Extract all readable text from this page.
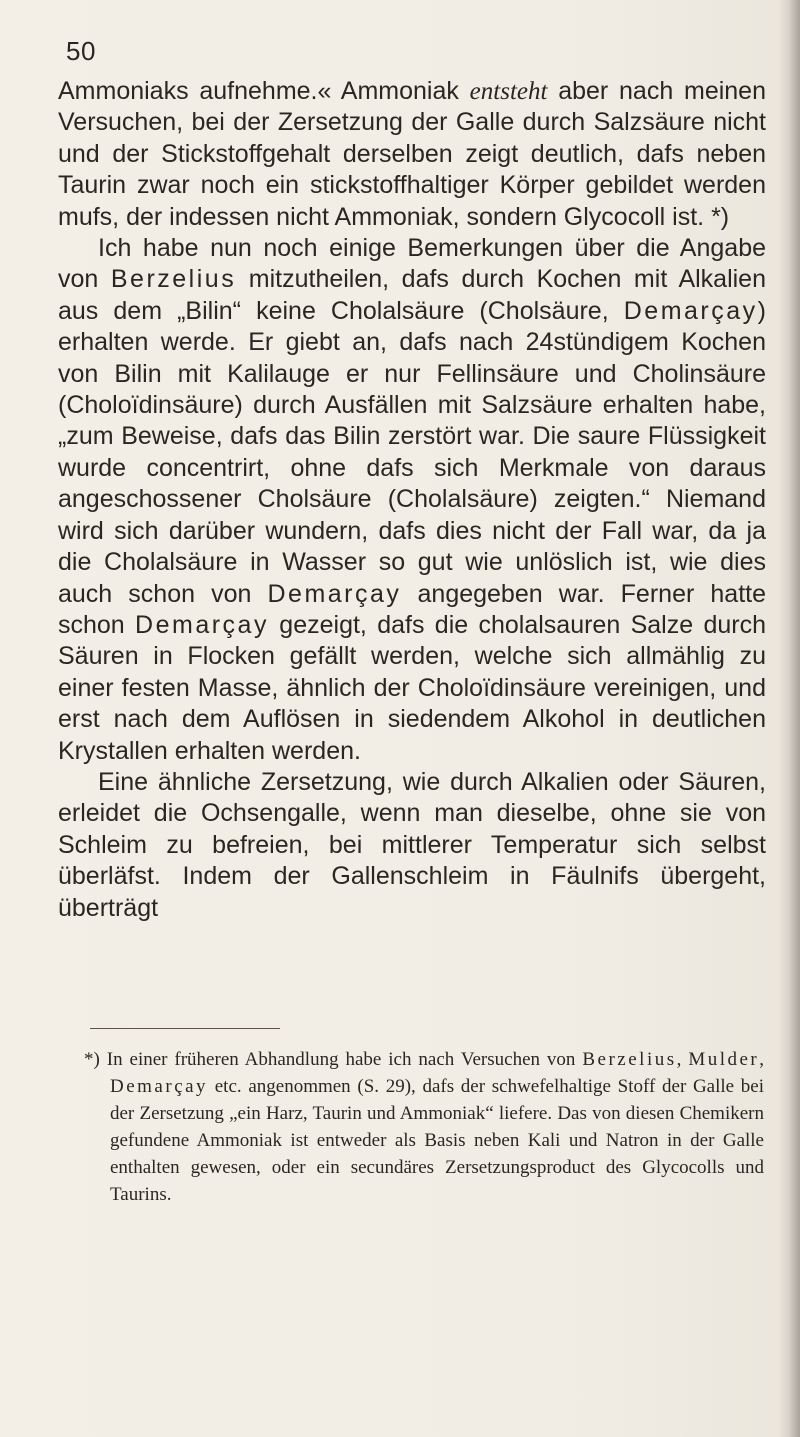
50

Ammoniaks aufnehme.« Ammoniak entsteht aber nach meinen Versuchen, bei der Zersetzung der Galle durch Salzsäure nicht und der Stickstoffgehalt derselben zeigt deutlich, dafs neben Taurin zwar noch ein stickstoffhaltiger Körper gebildet werden mufs, der indessen nicht Ammoniak, sondern Glycocoll ist. *)

Ich habe nun noch einige Bemerkungen über die Angabe von Berzelius mitzutheilen, dafs durch Kochen mit Alkalien aus dem „Bilin“ keine Cholalsäure (Cholsäure, Demarçay) erhalten werde. Er giebt an, dafs nach 24stündigem Kochen von Bilin mit Kalilauge er nur Fellinsäure und Cholinsäure (Choloïdinsäure) durch Ausfällen mit Salzsäure erhalten habe, „zum Beweise, dafs das Bilin zerstört war. Die saure Flüssigkeit wurde concentrirt, ohne dafs sich Merkmale von daraus angeschossener Cholsäure (Cholalsäure) zeigten.“ Niemand wird sich darüber wundern, dafs dies nicht der Fall war, da ja die Cholalsäure in Wasser so gut wie unlöslich ist, wie dies auch schon von Demarçay angegeben war. Ferner hatte schon Demarçay gezeigt, dafs die cholalsauren Salze durch Säuren in Flocken gefällt werden, welche sich allmählig zu einer festen Masse, ähnlich der Choloïdinsäure vereinigen, und erst nach dem Auflösen in siedendem Alkohol in deutlichen Krystallen erhalten werden.

Eine ähnliche Zersetzung, wie durch Alkalien oder Säuren, erleidet die Ochsengalle, wenn man dieselbe, ohne sie von Schleim zu befreien, bei mittlerer Temperatur sich selbst überläfst. Indem der Gallenschleim in Fäulnifs übergeht, überträgt

*) In einer früheren Abhandlung habe ich nach Versuchen von Berzelius, Mulder, Demarçay etc. angenommen (S. 29), dafs der schwefelhaltige Stoff der Galle bei der Zersetzung „ein Harz, Taurin und Ammoniak“ liefere. Das von diesen Chemikern gefundene Ammoniak ist entweder als Basis neben Kali und Natron in der Galle enthalten gewesen, oder ein secundäres Zersetzungsproduct des Glycocolls und Taurins.
